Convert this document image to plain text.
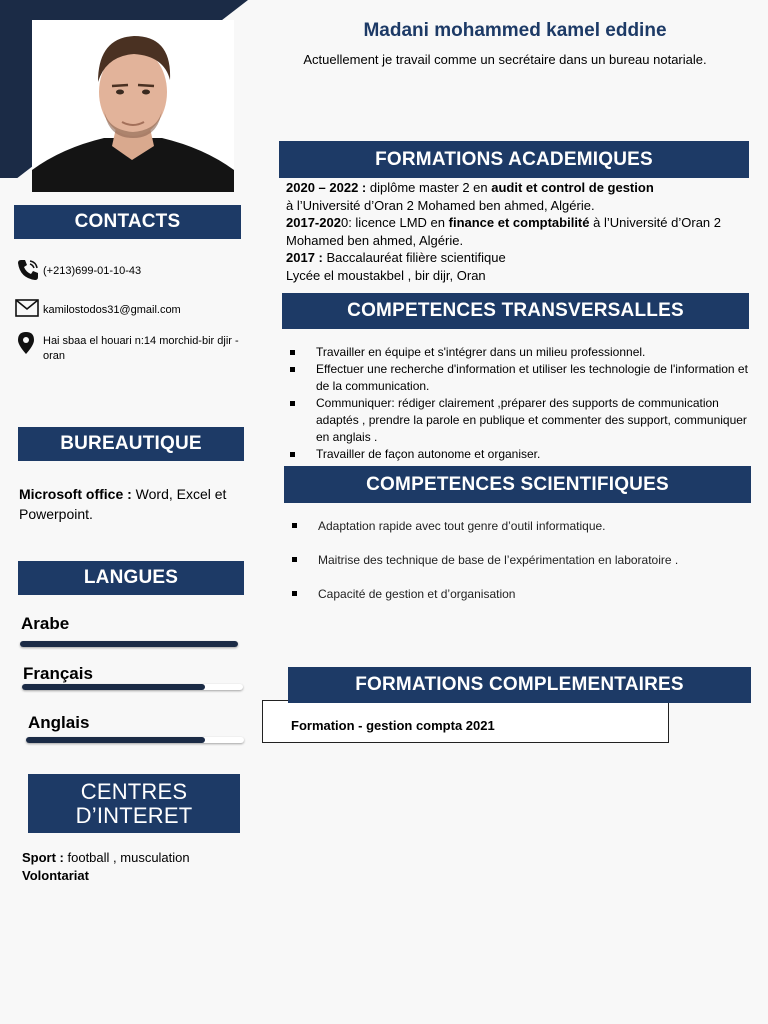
Madani mohammed kamel eddine
Actuellement je travail comme un secrétaire dans un bureau notariale.
CONTACTS
(+213)699-01-10-43
kamilostodos31@gmail.com
Hai sbaa el houari n:14 morchid-bir djir -oran
BUREAUTIQUE
Microsoft office : Word, Excel et Powerpoint.
LANGUES
Arabe
Français
Anglais
CENTRES D’INTERET
Sport : football , musculation
Volontariat
FORMATIONS ACADEMIQUES
2020 – 2022 : diplôme master 2 en audit et control de gestion
à l’Université d’Oran 2 Mohamed ben ahmed, Algérie.
2017-2020: licence LMD en finance et comptabilité à l’Université d’Oran 2 Mohamed ben ahmed, Algérie.
2017 : Baccalauréat filière scientifique
Lycée el moustakbel , bir dijr, Oran
COMPETENCES TRANSVERSALLES
Travailler en équipe et s'intégrer dans un milieu professionnel.
Effectuer une recherche d'information et utiliser les technologie de l'information et de la communication.
Communiquer: rédiger clairement ,préparer des supports de communication adaptés , prendre la parole en publique et commenter des support, communiquer en anglais .
Travailler de façon autonome et organiser.
COMPETENCES SCIENTIFIQUES
Adaptation rapide avec tout genre d’outil informatique.
Maitrise des technique de base de l’expérimentation en laboratoire .
Capacité de gestion et d’organisation
FORMATIONS COMPLEMENTAIRES
Formation - gestion compta 2021
